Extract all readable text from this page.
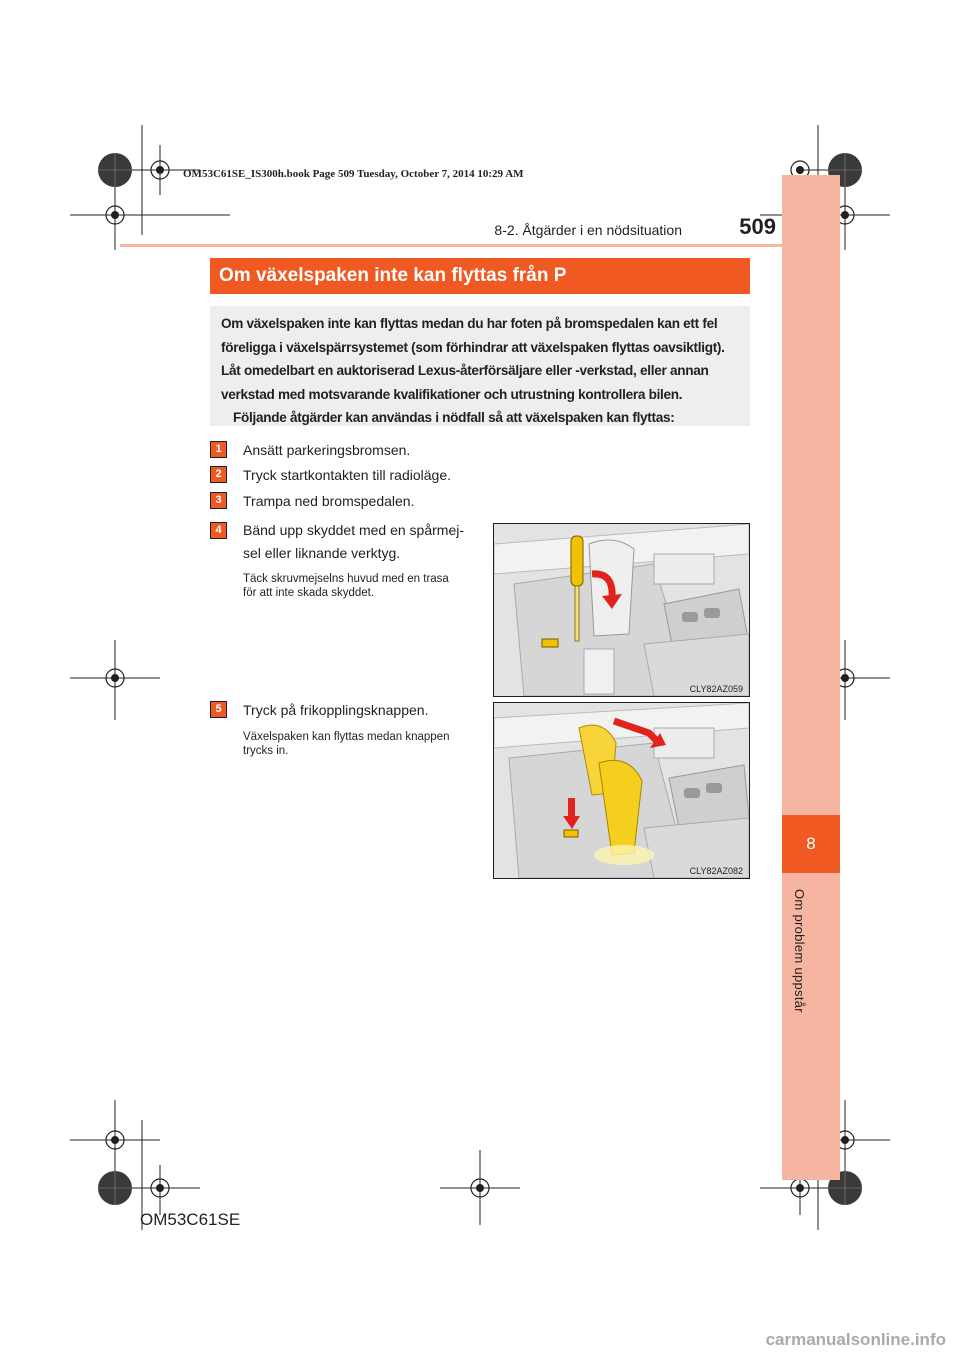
OM53C61SE_IS300h.book Page 509 Tuesday, October 7, 2014 10:29 AM
8
Om problem uppstår
8-2. Åtgärder i en nödsituation	509
Om växelspaken inte kan flyttas från P

Om växelspaken inte kan flyttas medan du har foten på bromspedalen kan ett fel

föreligga i växelspärrsystemet (som förhindrar att växelspaken flyttas oavsiktligt).

Låt omedelbart en auktoriserad Lexus-återförsäljare eller -verkstad, eller annan

verkstad med motsvarande kvalifikationer och utrustning kontrollera bilen.

Följande åtgärder kan användas i nödfall så att växelspaken kan flyttas:

1	Ansätt parkeringsbromsen.
2	Tryck startkontakten till radioläge.
3	Trampa ned bromspedalen.
4	Bänd upp skyddet med en spårmej-
sel eller liknande verktyg.
Täck skruvmejselns huvud med en trasa
för att inte skada skyddet.
CLY82AZ059
5	Tryck på frikopplingsknappen.
Växelspaken kan flyttas medan knappen
trycks in.
CLY82AZ082
OM53C61SE
carmanualsonline.info
